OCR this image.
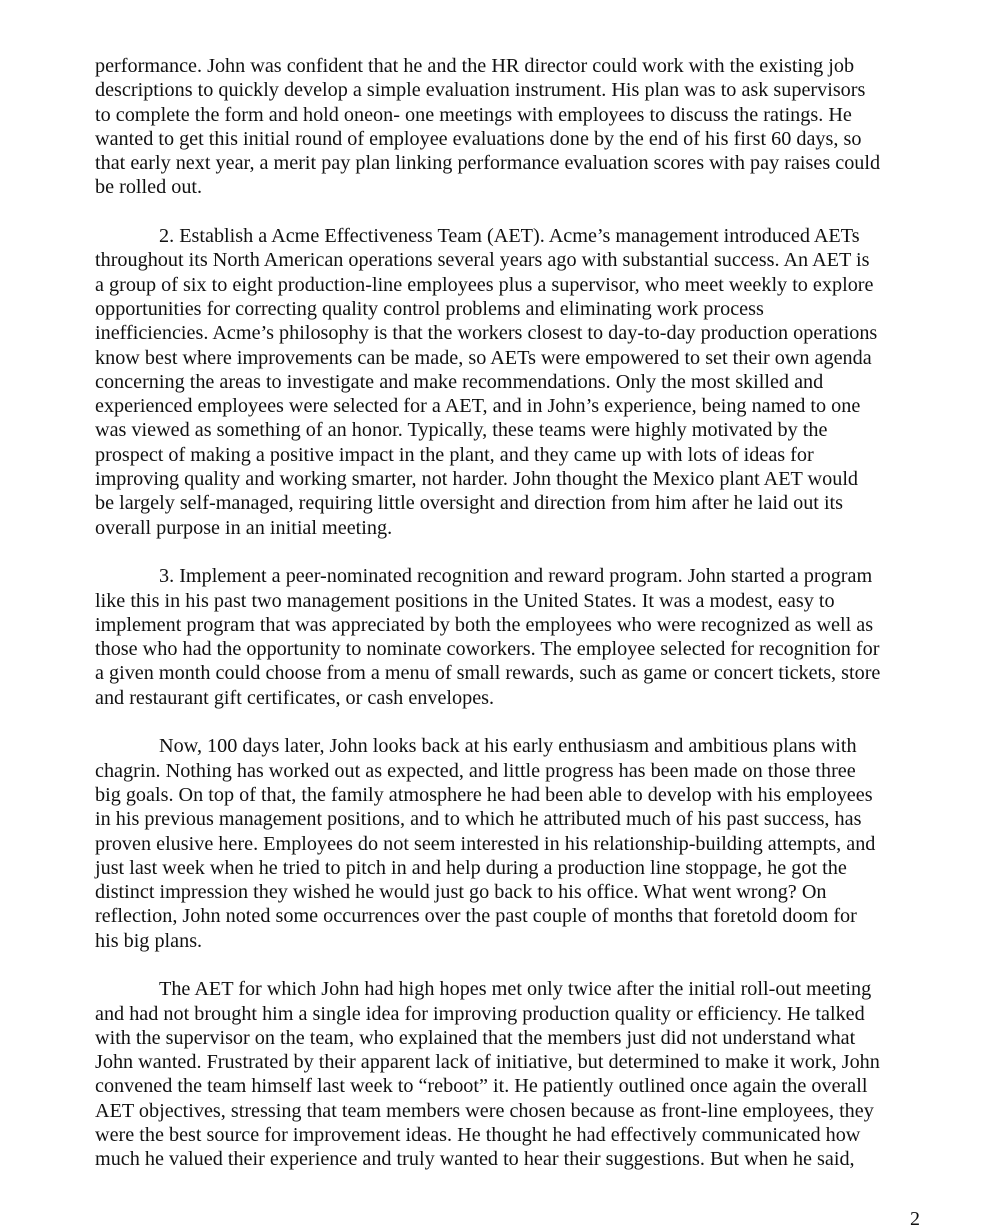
performance. John was confident that he and the HR director could work with the existing job
descriptions to quickly develop a simple evaluation instrument. His plan was to ask supervisors
to complete the form and hold oneon- one meetings with employees to discuss the ratings. He
wanted to get this initial round of employee evaluations done by the end of his first 60 days, so
that early next year, a merit pay plan linking performance evaluation scores with pay raises could
be rolled out.
2. Establish a Acme Effectiveness Team (AET). Acme’s management introduced AETs
throughout its North American operations several years ago with substantial success. An AET is
a group of six to eight production-line employees plus a supervisor, who meet weekly to explore
opportunities for correcting quality control problems and eliminating work process
inefficiencies. Acme’s philosophy is that the workers closest to day-to-day production operations
know best where improvements can be made, so AETs were empowered to set their own agenda
concerning the areas to investigate and make recommendations. Only the most skilled and
experienced employees were selected for a AET, and in John’s experience, being named to one
was viewed as something of an honor. Typically, these teams were highly motivated by the
prospect of making a positive impact in the plant, and they came up with lots of ideas for
improving quality and working smarter, not harder. John thought the Mexico plant AET would
be largely self-managed, requiring little oversight and direction from him after he laid out its
overall purpose in an initial meeting.
3. Implement a peer-nominated recognition and reward program. John started a program
like this in his past two management positions in the United States. It was a modest, easy to
implement program that was appreciated by both the employees who were recognized as well as
those who had the opportunity to nominate coworkers. The employee selected for recognition for
a given month could choose from a menu of small rewards, such as game or concert tickets, store
and restaurant gift certificates, or cash envelopes.
Now, 100 days later, John looks back at his early enthusiasm and ambitious plans with
chagrin. Nothing has worked out as expected, and little progress has been made on those three
big goals. On top of that, the family atmosphere he had been able to develop with his employees
in his previous management positions, and to which he attributed much of his past success, has
proven elusive here. Employees do not seem interested in his relationship-building attempts, and
just last week when he tried to pitch in and help during a production line stoppage, he got the
distinct impression they wished he would just go back to his office. What went wrong? On
reflection, John noted some occurrences over the past couple of months that foretold doom for
his big plans.
The AET for which John had high hopes met only twice after the initial roll-out meeting
and had not brought him a single idea for improving production quality or efficiency. He talked
with the supervisor on the team, who explained that the members just did not understand what
John wanted. Frustrated by their apparent lack of initiative, but determined to make it work, John
convened the team himself last week to “reboot” it. He patiently outlined once again the overall
AET objectives, stressing that team members were chosen because as front-line employees, they
were the best source for improvement ideas. He thought he had effectively communicated how
much he valued their experience and truly wanted to hear their suggestions. But when he said,
2
